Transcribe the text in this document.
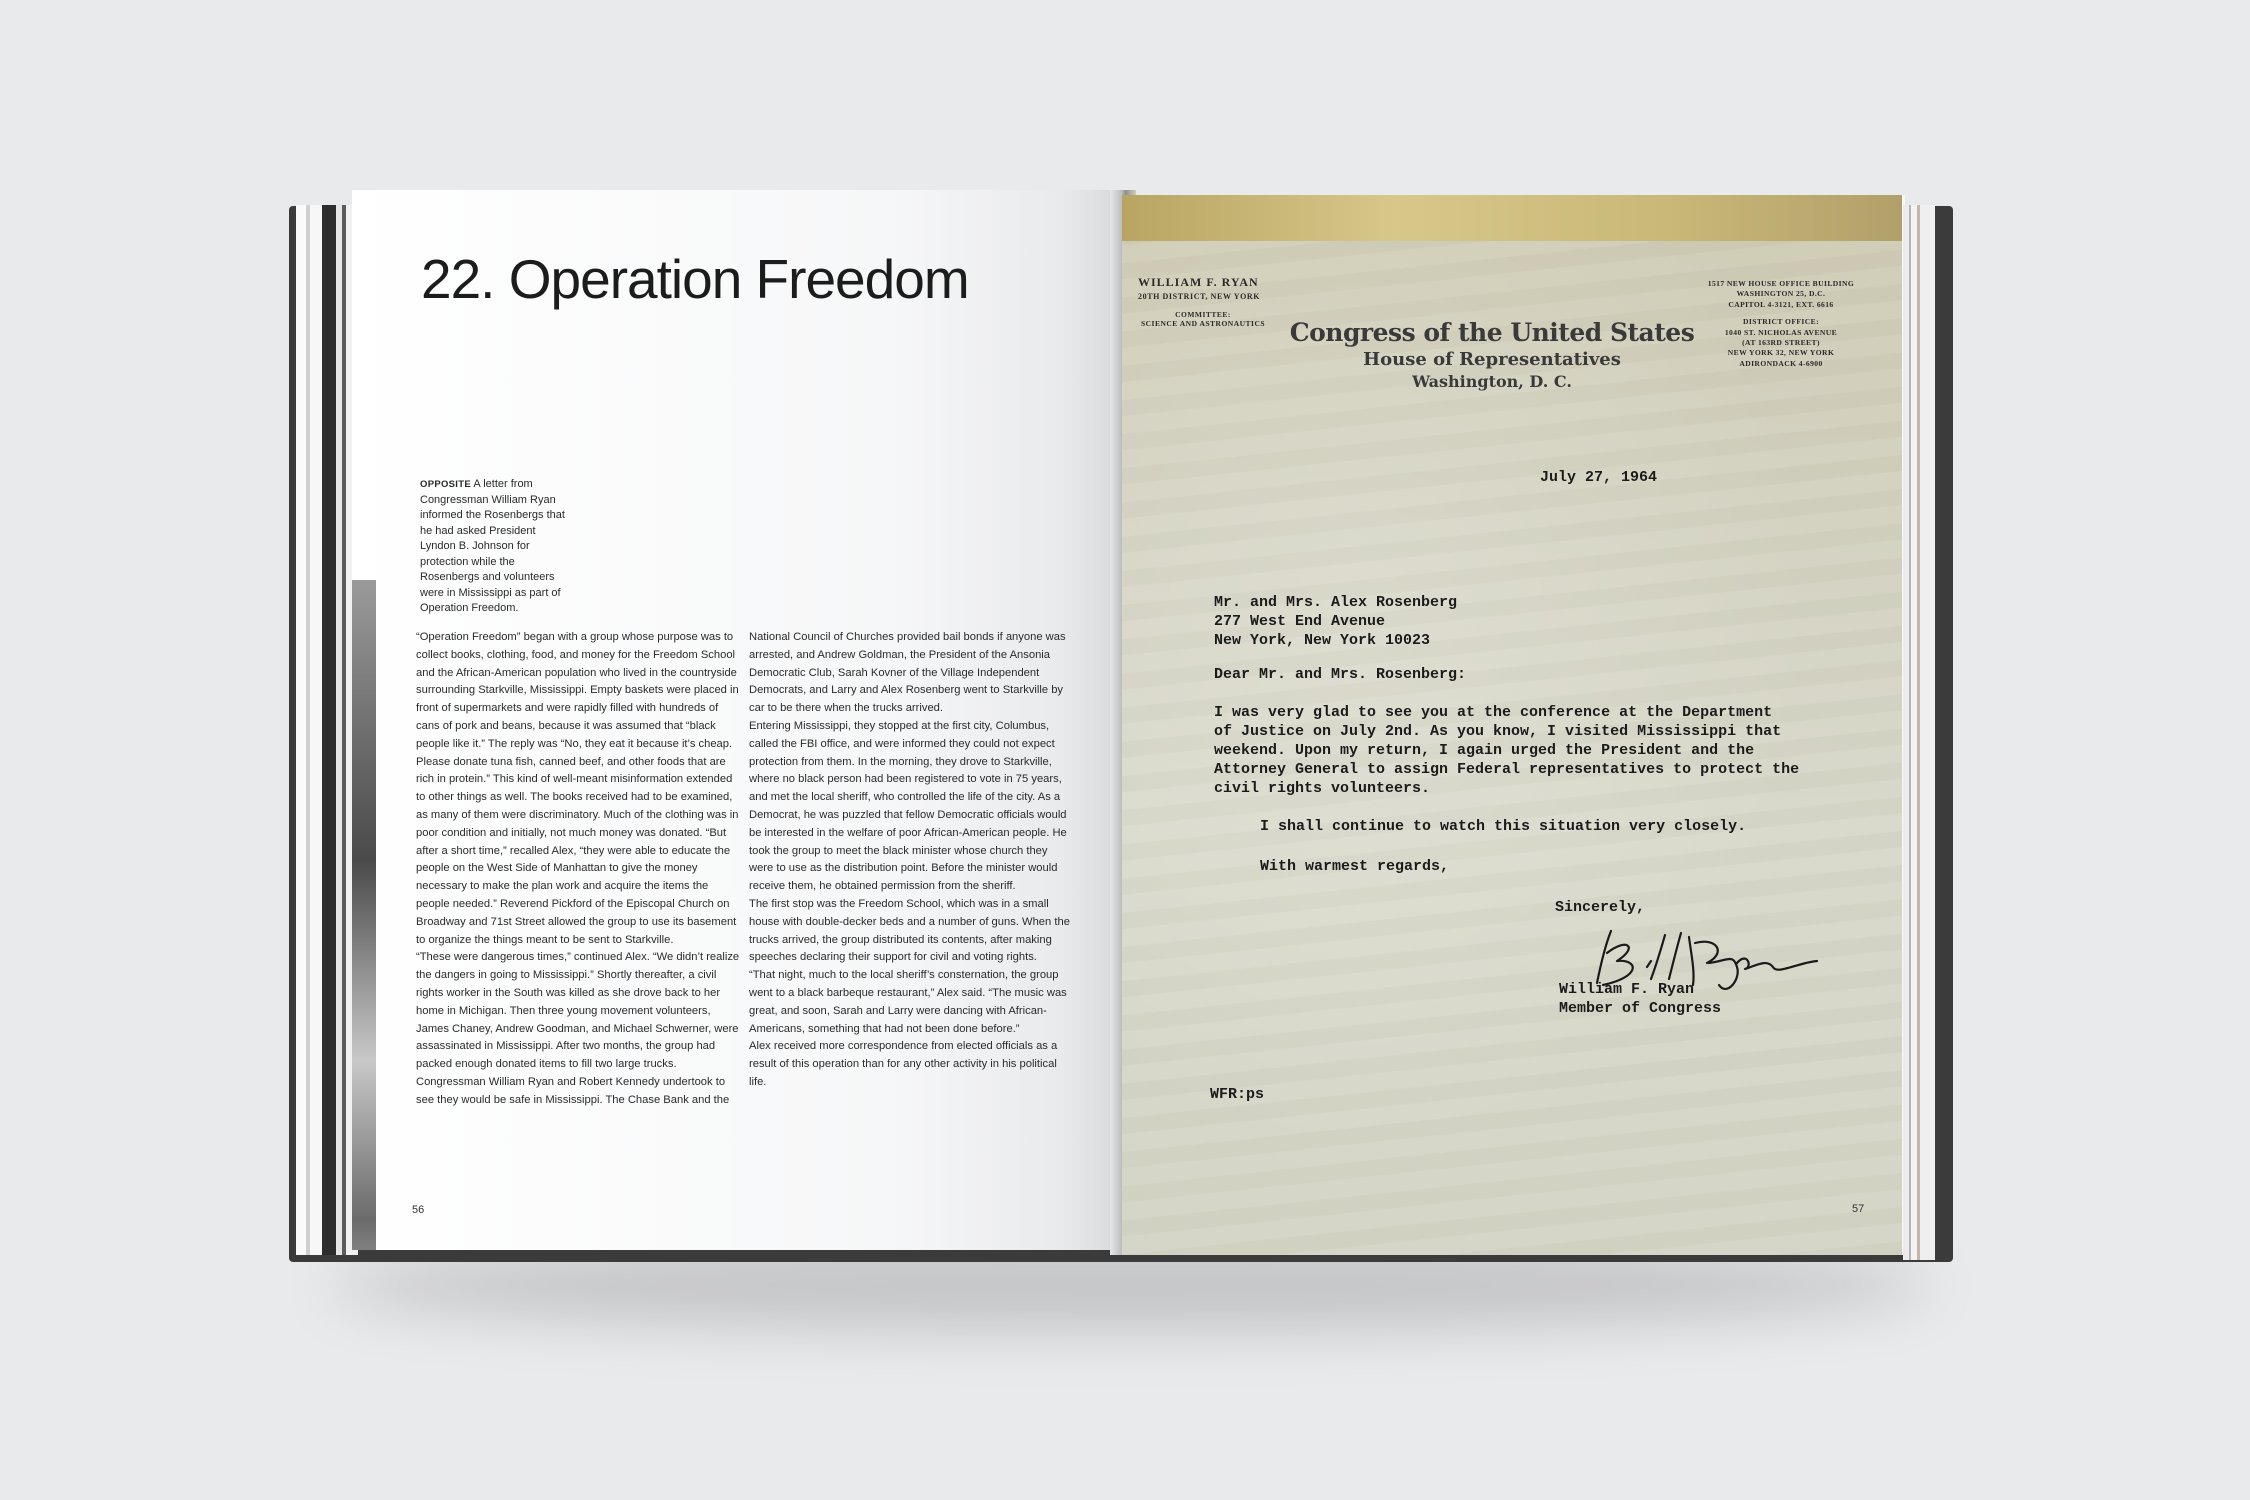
22. Operation Freedom

OPPOSITE A letter from Congressman William Ryan informed the Rosenbergs that he had asked President Lyndon B. Johnson for protection while the Rosenbergs and volunteers were in Mississippi as part of Operation Freedom.

“Operation Freedom” began with a group whose purpose was to collect books, clothing, food, and money for the Freedom School and the African-American population who lived in the countryside surrounding Starkville, Mississippi. Empty baskets were placed in front of supermarkets and were rapidly filled with hundreds of cans of pork and beans, because it was assumed that “black people like it.” The reply was “No, they eat it because it’s cheap. Please donate tuna fish, canned beef, and other foods that are rich in protein.” This kind of well-meant misinformation extended to other things as well. The books received had to be examined, as many of them were discriminatory. Much of the clothing was in poor condition and initially, not much money was donated. “But after a short time,” recalled Alex, “they were able to educate the people on the West Side of Manhattan to give the money necessary to make the plan work and acquire the items the people needed.” Reverend Pickford of the Episcopal Church on Broadway and 71st Street allowed the group to use its basement to organize the things meant to be sent to Starkville.

“These were dangerous times,” continued Alex. “We didn’t realize the dangers in going to Mississippi.” Shortly thereafter, a civil rights worker in the South was killed as she drove back to her home in Michigan. Then three young movement volunteers, James Chaney, Andrew Goodman, and Michael Schwerner, were assassinated in Mississippi. After two months, the group had packed enough donated items to fill two large trucks. Congressman William Ryan and Robert Kennedy undertook to see they would be safe in Mississippi. The Chase Bank and the

National Council of Churches provided bail bonds if anyone was arrested, and Andrew Goldman, the President of the Ansonia Democratic Club, Sarah Kovner of the Village Independent Democrats, and Larry and Alex Rosenberg went to Starkville by car to be there when the trucks arrived.

Entering Mississippi, they stopped at the first city, Columbus, called the FBI office, and were informed they could not expect protection from them. In the morning, they drove to Starkville, where no black person had been registered to vote in 75 years, and met the local sheriff, who controlled the life of the city. As a Democrat, he was puzzled that fellow Democratic officials would be interested in the welfare of poor African-American people. He took the group to meet the black minister whose church they were to use as the distribution point. Before the minister would receive them, he obtained permission from the sheriff.

The first stop was the Freedom School, which was in a small house with double-decker beds and a number of guns. When the trucks arrived, the group distributed its contents, after making speeches declaring their support for civil and voting rights.

“That night, much to the local sheriff’s consternation, the group went to a black barbeque restaurant,” Alex said. “The music was great, and soon, Sarah and Larry were dancing with African-Americans, something that had not been done before.”

Alex received more correspondence from elected officials as a result of this operation than for any other activity in his political life.

56
WILLIAM F. RYAN
20TH DISTRICT, NEW YORK
COMMITTEE:
SCIENCE AND ASTRONAUTICS Congress of the United States
House of Representatives
Washington, D. C.
1517 NEW HOUSE OFFICE BUILDING
WASHINGTON 25, D.C.
CAPITOL 4-3121, EXT. 6616
DISTRICT OFFICE:
1040 ST. NICHOLAS AVENUE
(AT 163RD STREET)
NEW YORK 32, NEW YORK
ADIRONDACK 4-6900

July 27, 1964

Mr. and Mrs. Alex Rosenberg
277 West End Avenue
New York, New York 10023

Dear Mr. and Mrs. Rosenberg:

I was very glad to see you at the conference at the Department
of Justice on July 2nd. As you know, I visited Mississippi that
weekend. Upon my return, I again urged the President and the
Attorney General to assign Federal representatives to protect the
civil rights volunteers.

I shall continue to watch this situation very closely.

With warmest regards,

Sincerely,

William F. Ryan
Member of Congress

WFR:ps

57
